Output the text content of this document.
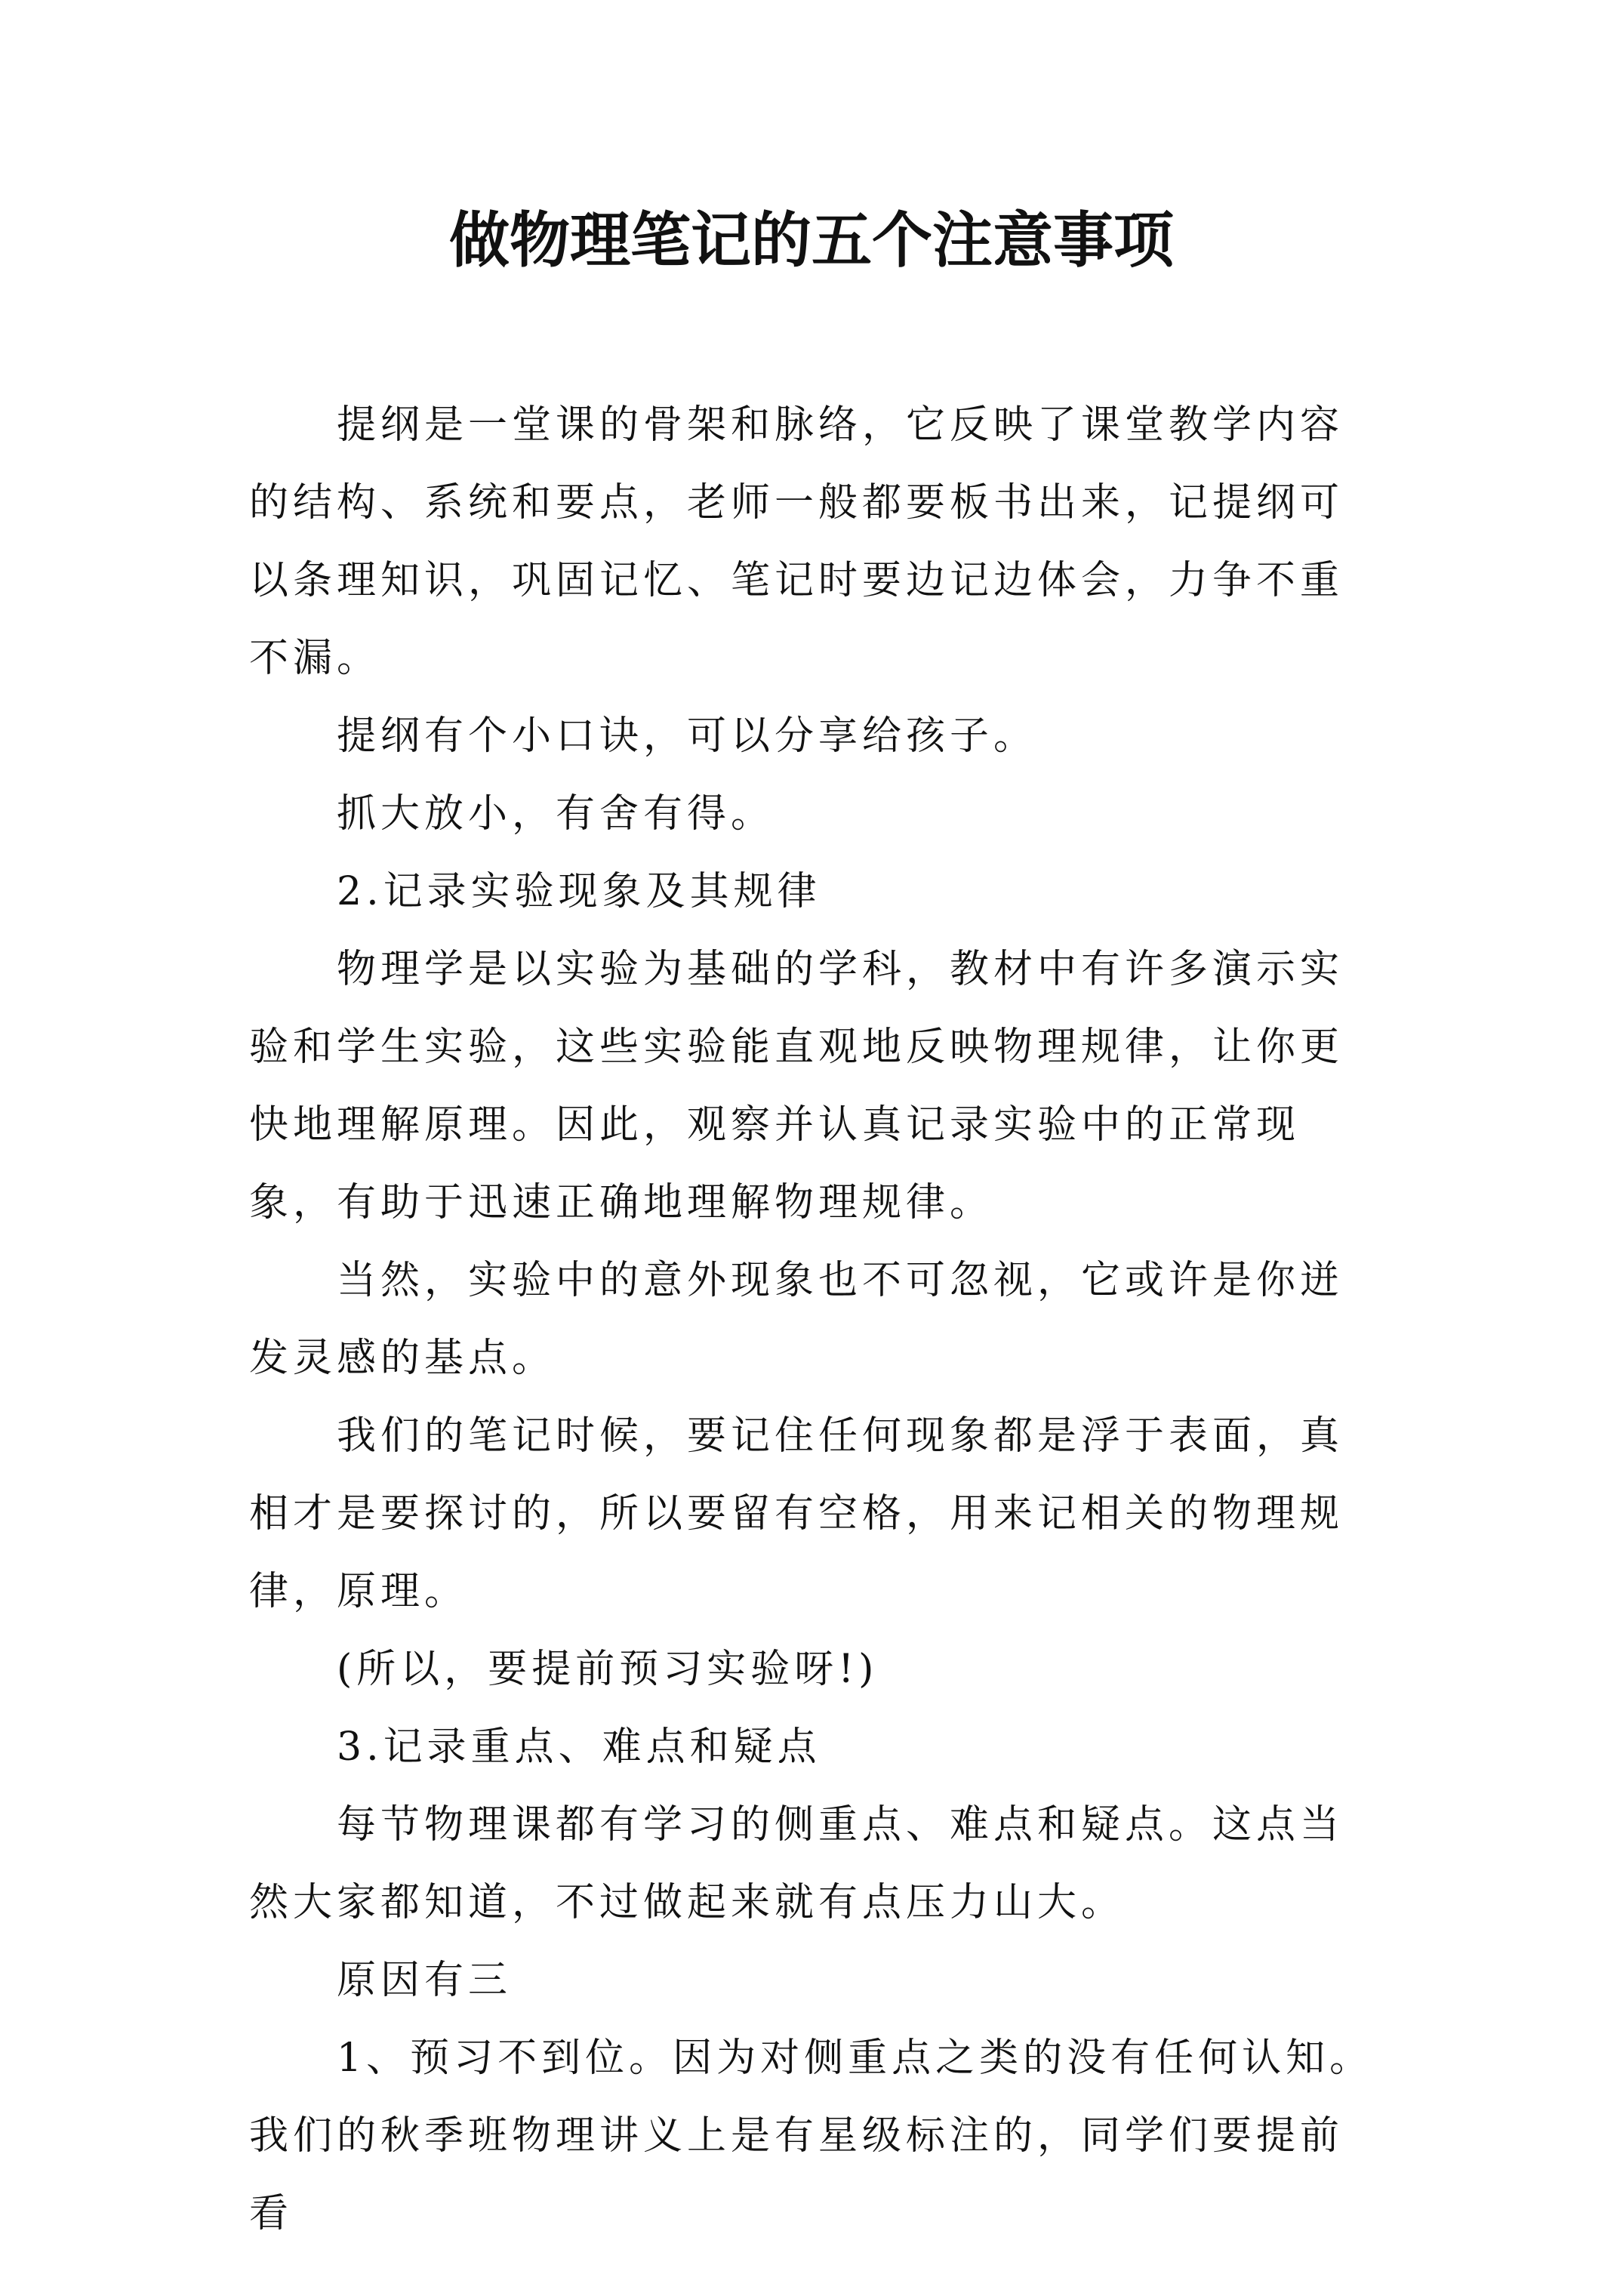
做物理笔记的五个注意事项

提纲是一堂课的骨架和脉络，它反映了课堂教学内容的结构、系统和要点，老师一般都要板书出来，记提纲可以条理知识，巩固记忆、笔记时要边记边体会，力争不重不漏。

提纲有个小口诀，可以分享给孩子。

抓大放小，有舍有得。

2.记录实验现象及其规律

物理学是以实验为基础的学科，教材中有许多演示实验和学生实验，这些实验能直观地反映物理规律，让你更快地理解原理。因此，观察并认真记录实验中的正常现象，有助于迅速正确地理解物理规律。

当然，实验中的意外现象也不可忽视，它或许是你迸发灵感的基点。

我们的笔记时候，要记住任何现象都是浮于表面，真相才是要探讨的，所以要留有空格，用来记相关的物理规律，原理。

(所以，要提前预习实验呀!)

3.记录重点、难点和疑点

每节物理课都有学习的侧重点、难点和疑点。这点当然大家都知道，不过做起来就有点压力山大。

原因有三

1、预习不到位。因为对侧重点之类的没有任何认知。我们的秋季班物理讲义上是有星级标注的，同学们要提前看
